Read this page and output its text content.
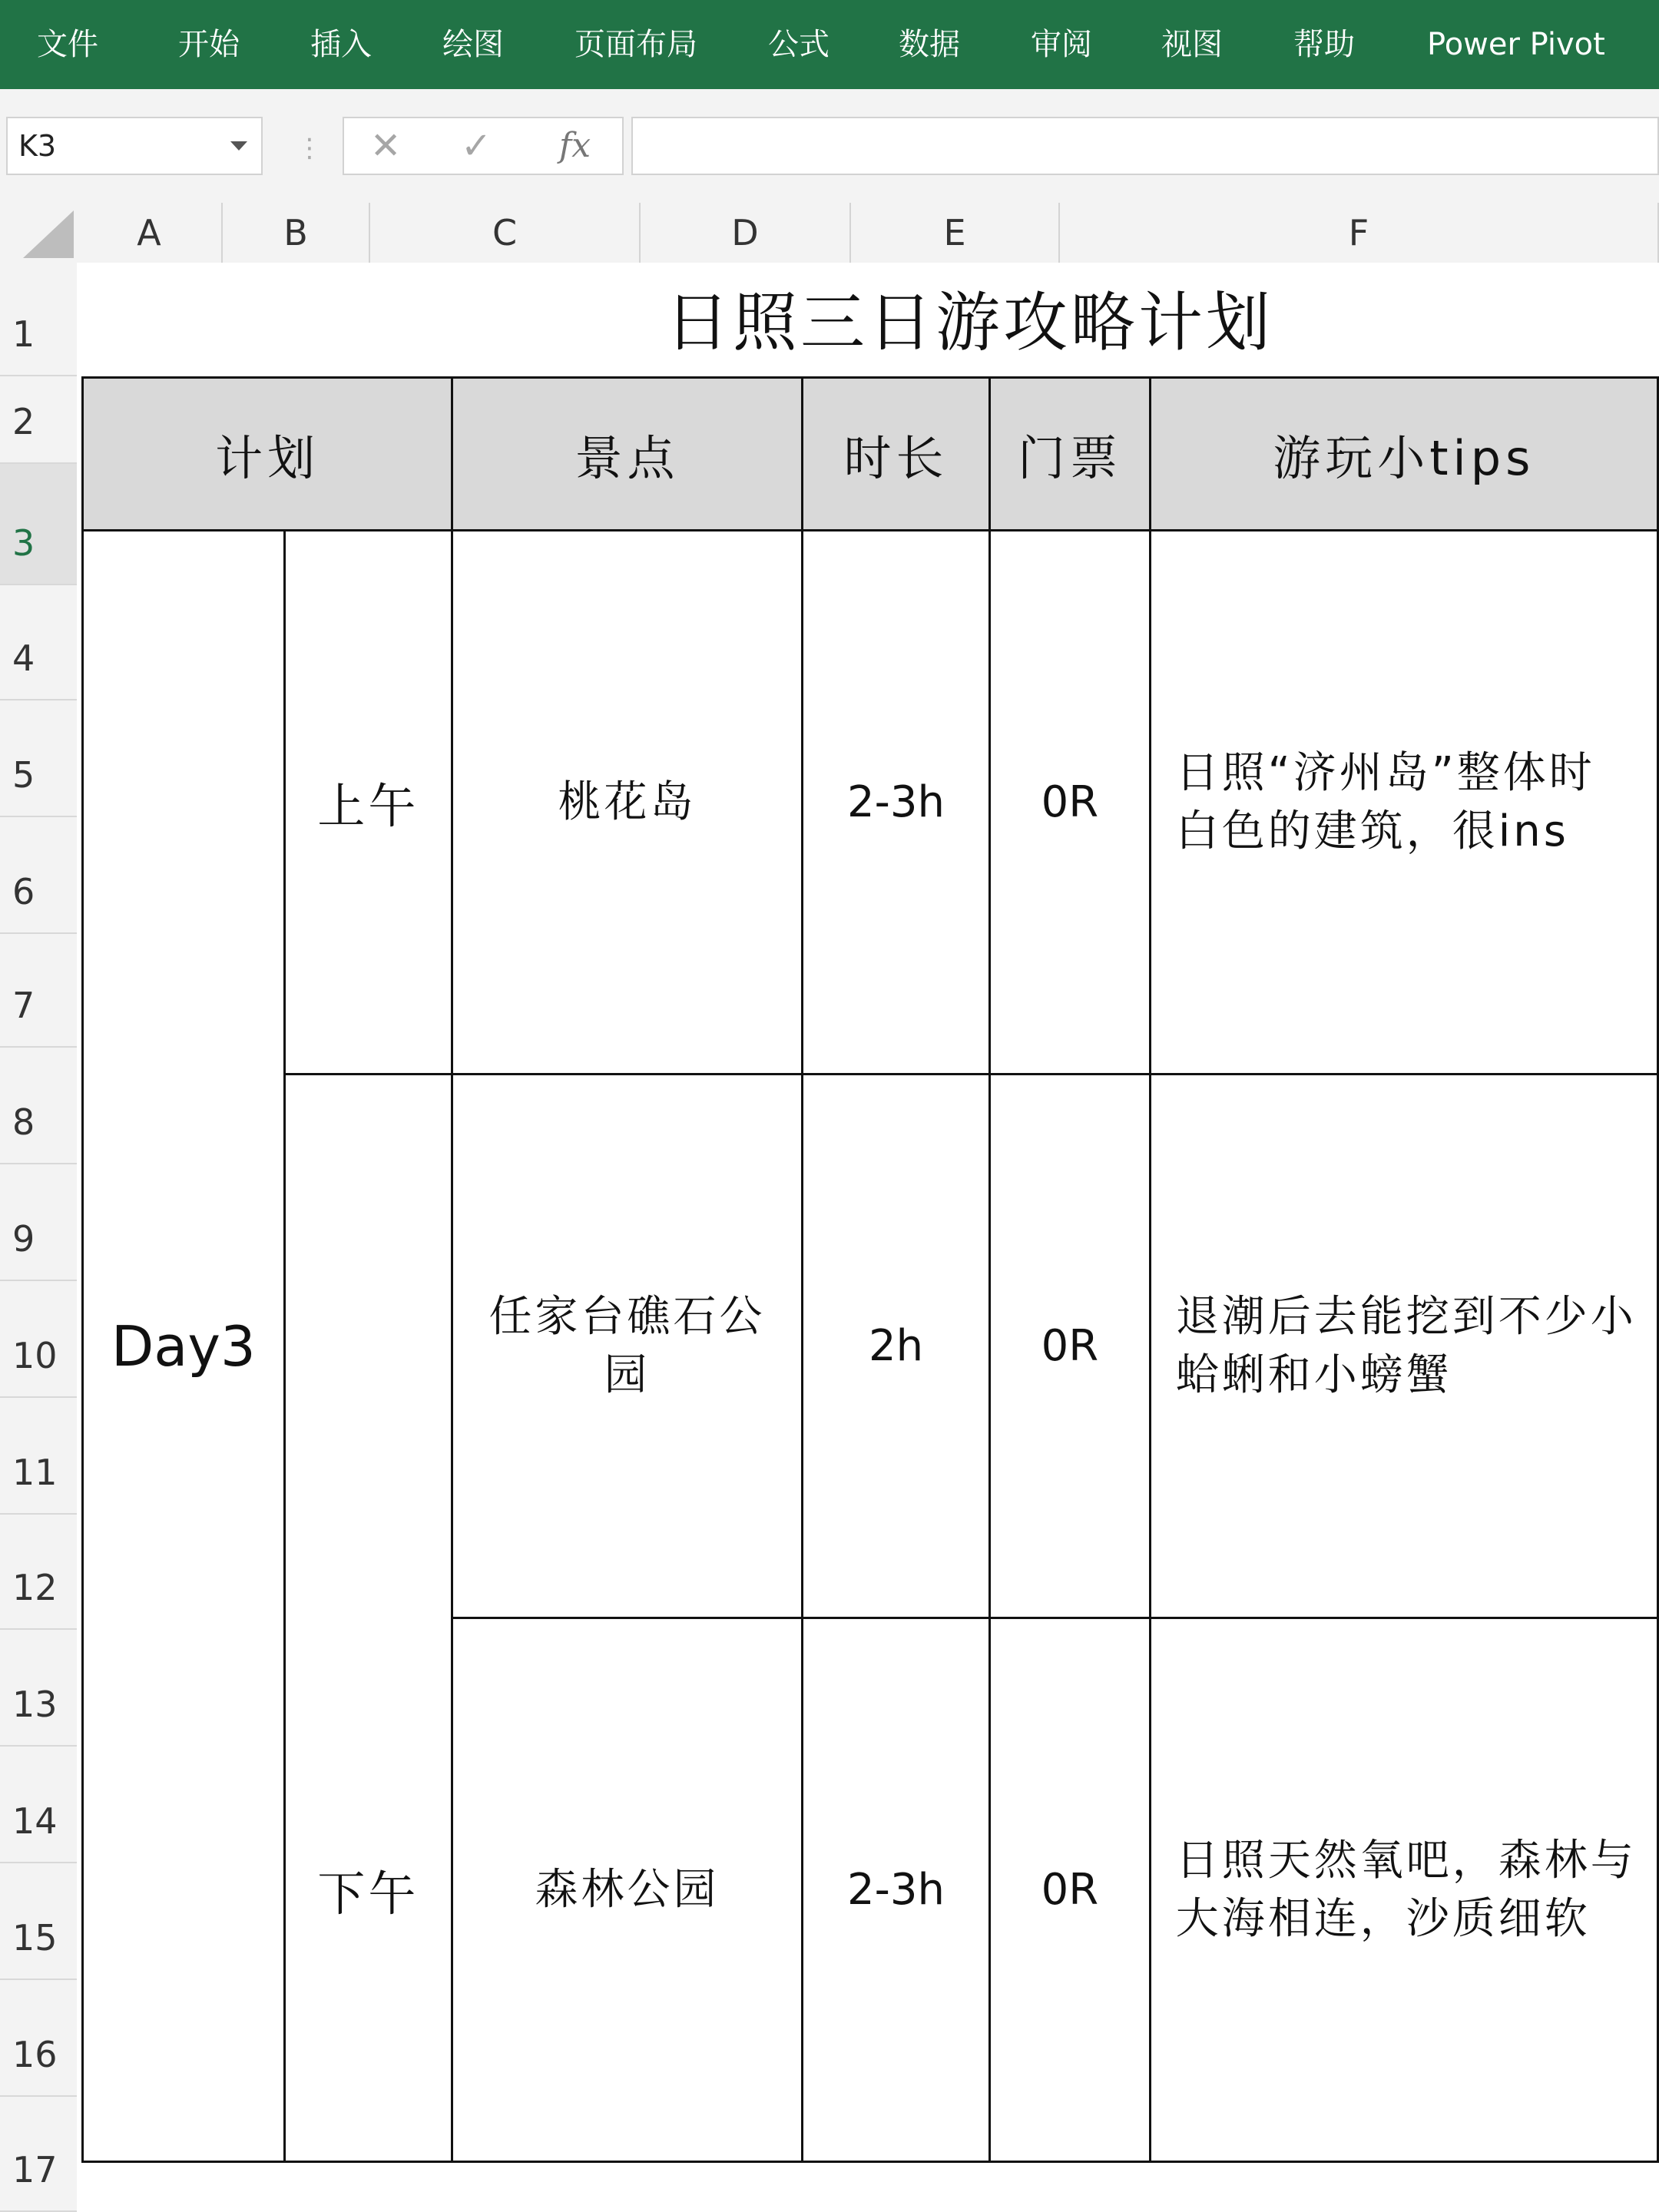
文件	开始 插入 绘图 页面布局 公式 数据 审阅 视图 帮助 Power Pivot
K3	⋮ ✕ ✓ fx
A	B	C	D	E	F
1
2
3
4
5
6
7
8
9
10
11
12
13
14
15
16
17
日照三日游攻略计划
计划		景点	时长	门票	游玩小tips
Day3	上午	桃花岛	2-3h	0R	日照“济州岛”整体时白色的建筑，很ins

	下午	任家台礁石公园	2h	0R	退潮后去能挖到不少小蛤蜊和小螃蟹
		森林公园	2-3h	0R	日照天然氧吧，森林与大海相连，沙质细软
